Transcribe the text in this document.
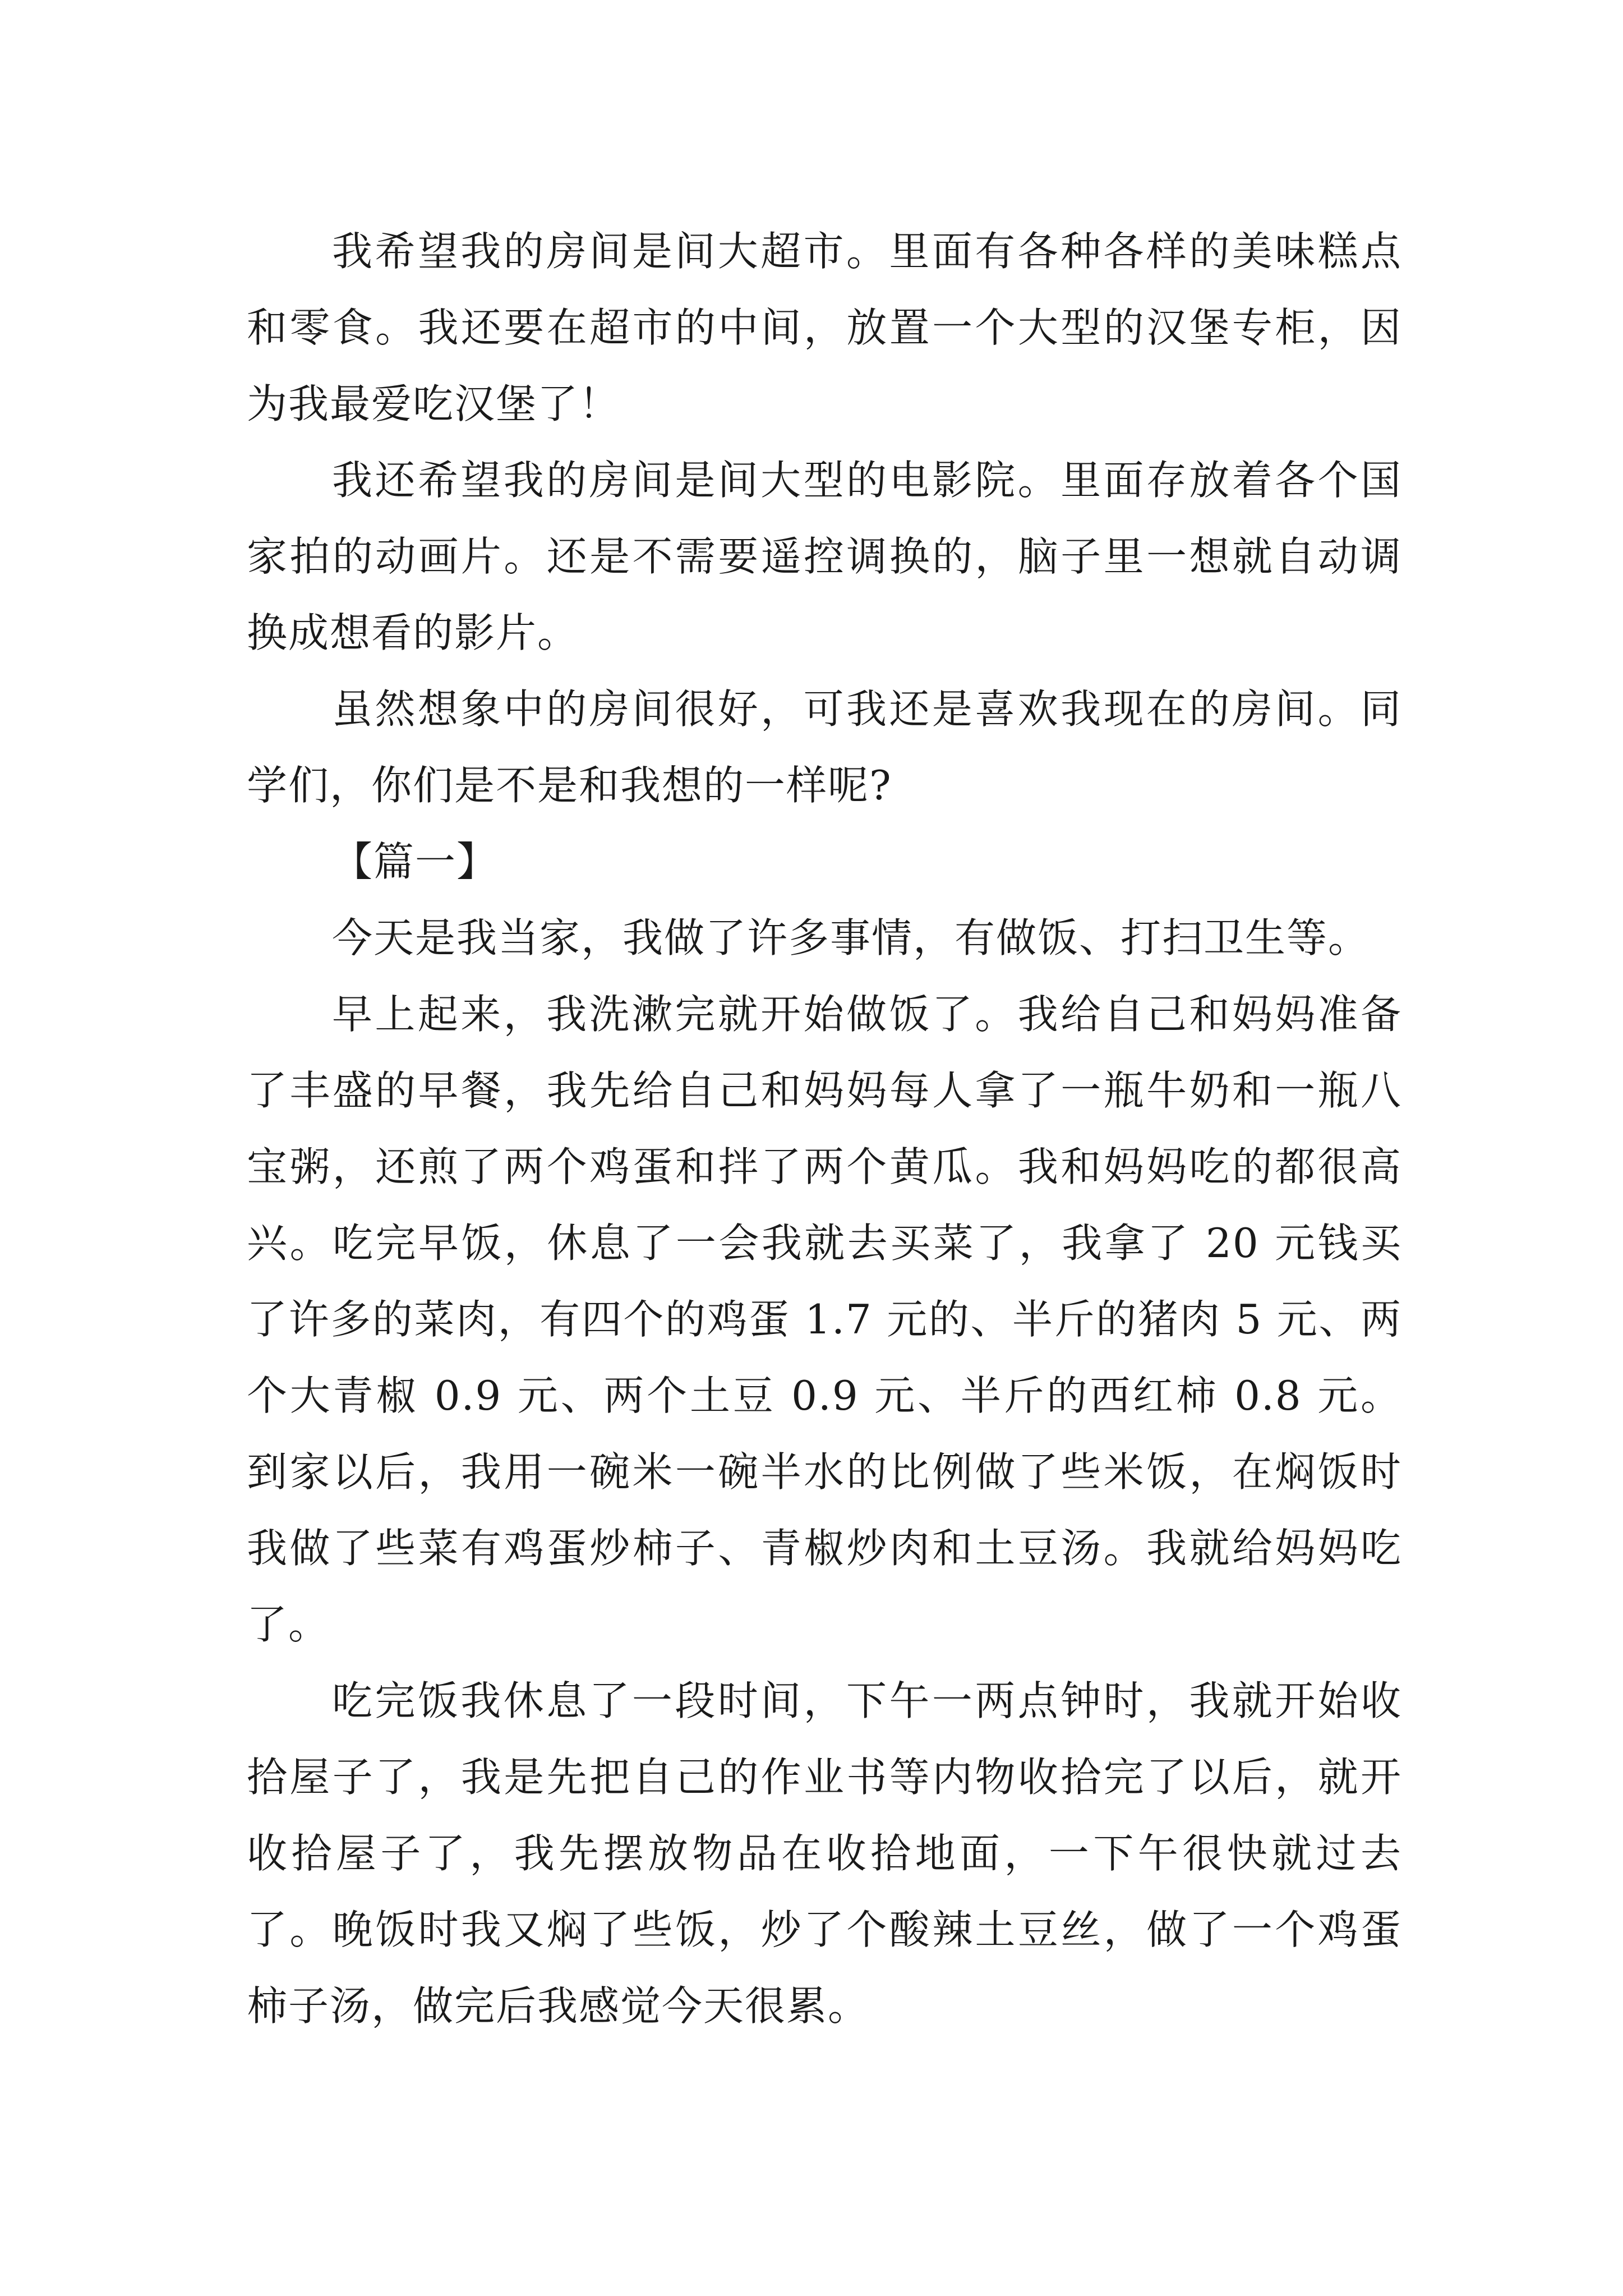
我希望我的房间是间大超市。里面有各种各样的美味糕点和零食。我还要在超市的中间，放置一个大型的汉堡专柜，因为我最爱吃汉堡了！

我还希望我的房间是间大型的电影院。里面存放着各个国家拍的动画片。还是不需要遥控调换的，脑子里一想就自动调换成想看的影片。

虽然想象中的房间很好，可我还是喜欢我现在的房间。同学们，你们是不是和我想的一样呢?

【篇一】

今天是我当家，我做了许多事情，有做饭、打扫卫生等。

早上起来，我洗漱完就开始做饭了。我给自己和妈妈准备了丰盛的早餐，我先给自己和妈妈每人拿了一瓶牛奶和一瓶八宝粥，还煎了两个鸡蛋和拌了两个黄瓜。我和妈妈吃的都很高兴。吃完早饭，休息了一会我就去买菜了，我拿了 20 元钱买了许多的菜肉，有四个的鸡蛋 1.7 元的、半斤的猪肉 5 元、两个大青椒 0.9 元、两个土豆 0.9 元、半斤的西红柿 0.8 元。到家以后，我用一碗米一碗半水的比例做了些米饭，在焖饭时我做了些菜有鸡蛋炒柿子、青椒炒肉和土豆汤。我就给妈妈吃了。

吃完饭我休息了一段时间，下午一两点钟时，我就开始收拾屋子了，我是先把自己的作业书等内物收拾完了以后，就开收拾屋子了，我先摆放物品在收拾地面，一下午很快就过去了。晚饭时我又焖了些饭，炒了个酸辣土豆丝，做了一个鸡蛋柿子汤，做完后我感觉今天很累。
